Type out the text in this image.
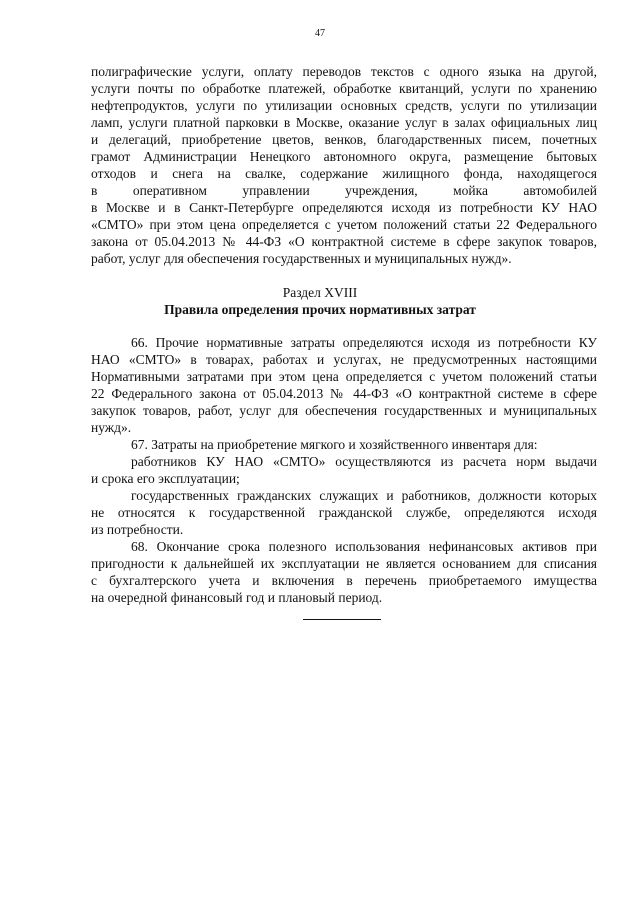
47
полиграфические услуги, оплату переводов текстов с одного языка на другой,
услуги почты по обработке платежей, обработке квитанций, услуги по хранению
нефтепродуктов, услуги по утилизации основных средств, услуги по утилизации
ламп, услуги платной парковки в Москве, оказание услуг в залах официальных лиц
и делегаций, приобретение цветов, венков, благодарственных писем, почетных
грамот Администрации Ненецкого автономного округа, размещение бытовых
отходов и снега на свалке, содержание жилищного фонда, находящегося
в оперативном управлении учреждения, мойка автомобилей
в Москве и в Санкт-Петербурге определяются исходя из потребности КУ НАО
«СМТО» при этом цена определяется с учетом положений статьи 22 Федерального
закона от 05.04.2013 № 44-ФЗ «О контрактной системе в сфере закупок товаров,
работ, услуг для обеспечения государственных и муниципальных нужд».
Раздел XVIII
Правила определения прочих нормативных затрат
66. Прочие нормативные затраты определяются исходя из потребности КУ
НАО «СМТО» в товарах, работах и услугах, не предусмотренных настоящими
Нормативными затратами при этом цена определяется с учетом положений статьи
22 Федерального закона от 05.04.2013 № 44-ФЗ «О контрактной системе в сфере
закупок товаров, работ, услуг для обеспечения государственных и муниципальных
нужд».
67. Затраты на приобретение мягкого и хозяйственного инвентаря для:
работников КУ НАО «СМТО» осуществляются из расчета норм выдачи
и срока его эксплуатации;
государственных гражданских служащих и работников, должности которых
не относятся к государственной гражданской службе, определяются исходя
из потребности.
68. Окончание срока полезного использования нефинансовых активов при
пригодности к дальнейшей их эксплуатации не является основанием для списания
с бухгалтерского учета и включения в перечень приобретаемого имущества
на очередной финансовый год и плановый период.
